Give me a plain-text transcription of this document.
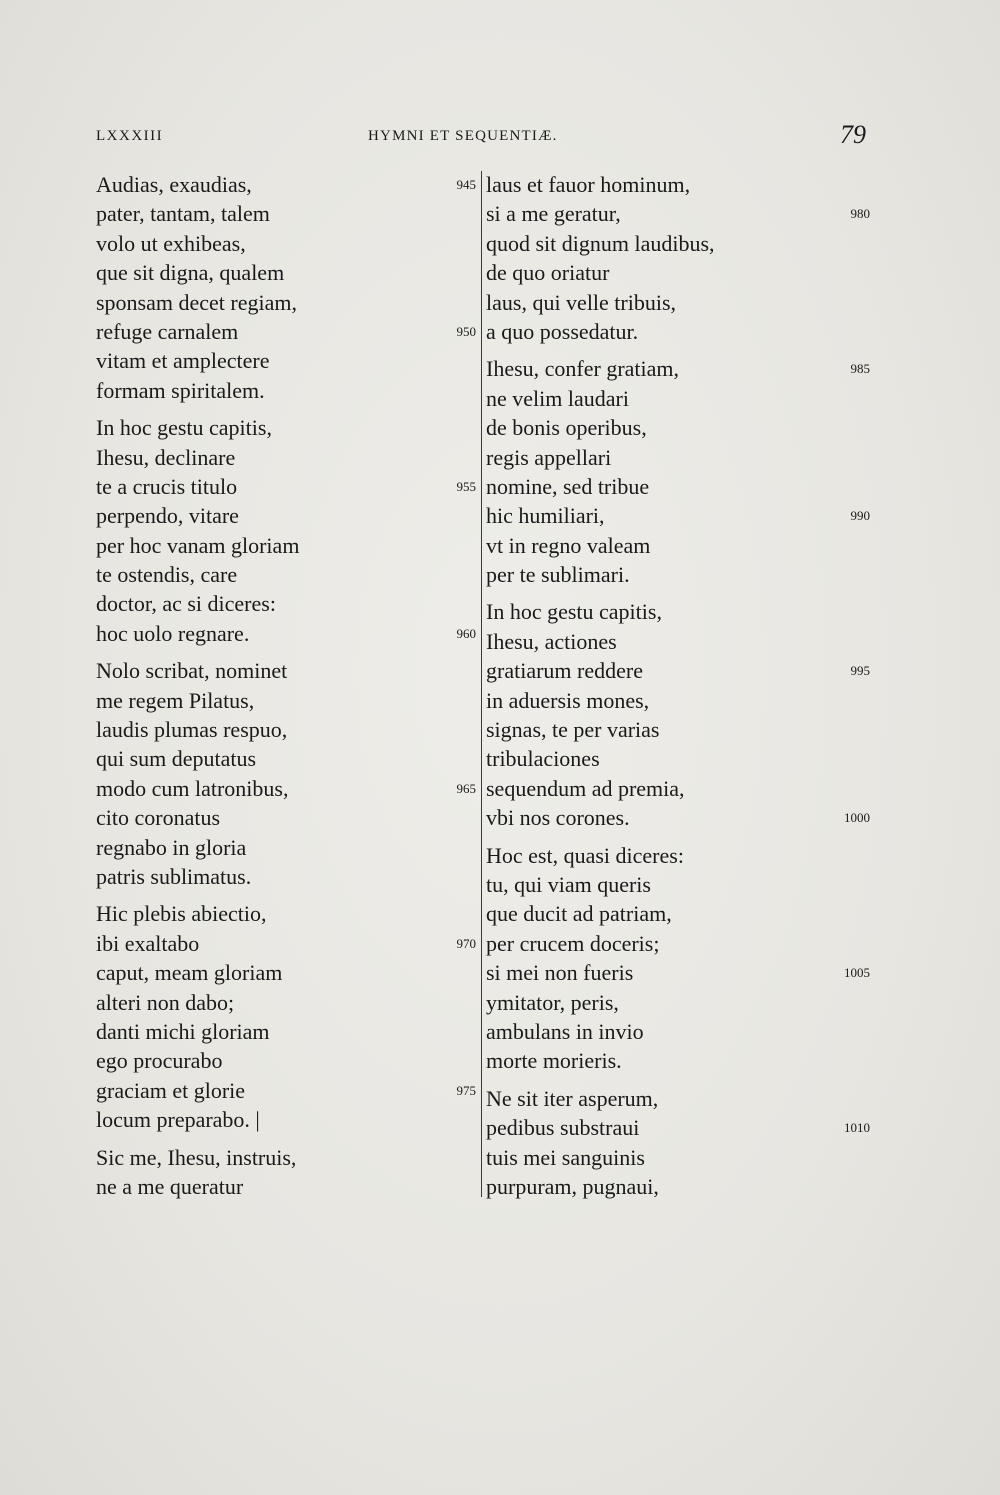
LXXXIII	HYMNI ET SEQUENTIÆ.	79
Audias, exaudias,	945
pater, tantam, talem
volo ut exhibeas,
que sit digna, qualem
sponsam decet regiam,
refuge carnalem	950
vitam et amplectere
formam spiritalem.
In hoc gestu capitis,
Ihesu, declinare
te a crucis titulo	955
perpendo, vitare
per hoc vanam gloriam
te ostendis, care
doctor, ac si diceres:
hoc uolo regnare.	960
Nolo scribat, nominet
me regem Pilatus,
laudis plumas respuo,
qui sum deputatus
modo cum latronibus,	965
cito coronatus
regnabo in gloria
patris sublimatus.
Hic plebis abiectio,
ibi exaltabo	970
caput, meam gloriam
alteri non dabo;
danti michi gloriam
ego procurabo
graciam et glorie	975
locum preparabo. |
Sic me, Ihesu, instruis,
ne a me queratur
laus et fauor hominum,
si a me geratur,	980
quod sit dignum laudibus,
de quo oriatur
laus, qui velle tribuis,
a quo possedatur.
Ihesu, confer gratiam,	985
ne velim laudari
de bonis operibus,
regis appellari
nomine, sed tribue
hic humiliari,	990
vt in regno valeam
per te sublimari.
In hoc gestu capitis,
Ihesu, actiones
gratiarum reddere	995
in aduersis mones,
signas, te per varias
tribulaciones
sequendum ad premia,
vbi nos corones.	1000
Hoc est, quasi diceres:
tu, qui viam queris
que ducit ad patriam,
per crucem doceris;
si mei non fueris	1005
ymitator, peris,
ambulans in invio
morte morieris.
Ne sit iter asperum,
pedibus substraui	1010
tuis mei sanguinis
purpuram, pugnaui,
